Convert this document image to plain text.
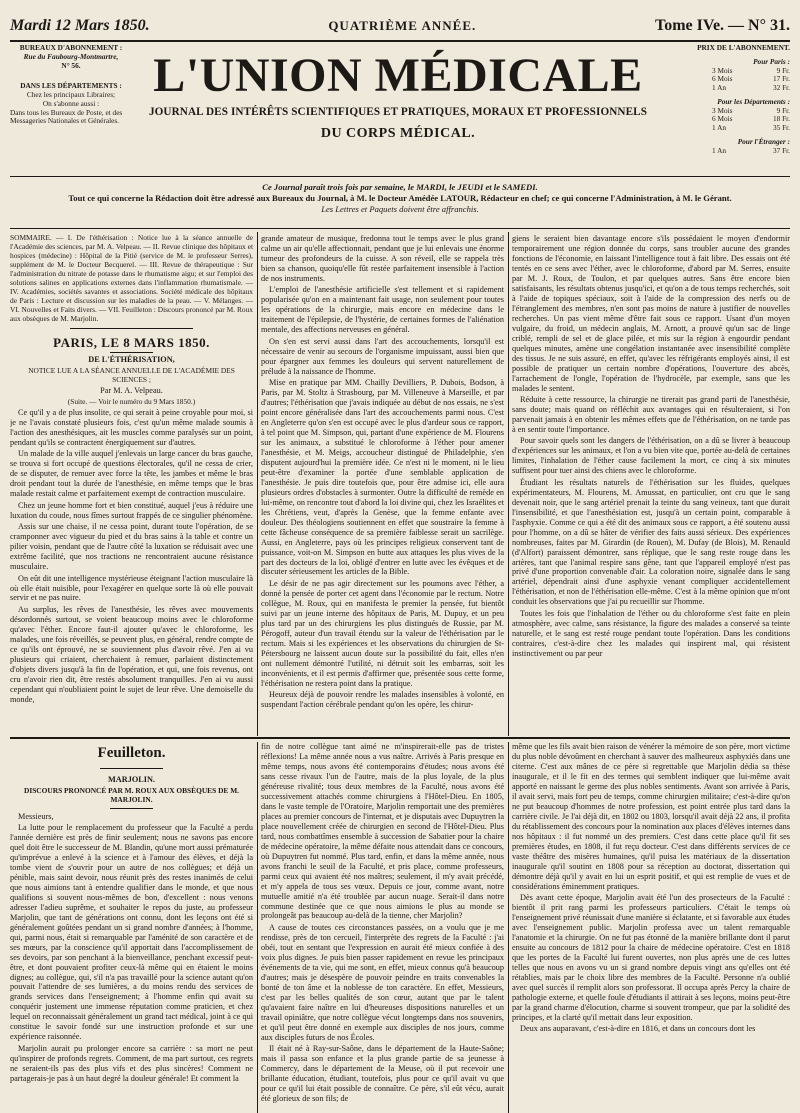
Mardi 12 Mars 1850.	QUATRIÈME ANNÉE.	Tome IVe. — N° 31.
BUREAUX D'ABONNEMENT :
Rue du Faubourg-Montmartre,
N° 56.
DANS LES DÉPARTEMENTS :
Chez les principaux Libraires;
On s'abonne aussi :
Dans tous les Bureaux de Poste, et des Messageries Nationales et Générales.
L'UNION MÉDICALE
JOURNAL DES INTÉRÊTS SCIENTIFIQUES ET PRATIQUES, MORAUX ET PROFESSIONNELS
DU CORPS MÉDICAL.
PRIX DE L'ABONNEMENT.
Pour Paris :
3 Mois	9 Fr.
6 Mois	17 Fr.
1 An	32 Fr.
Pour les Départements :
3 Mois	9 Fr.
6 Mois	18 Fr.
1 An	35 Fr.
Pour l'Étranger :
1 An	37 Fr.
Ce Journal paraît trois fois par semaine, le MARDI, le JEUDI et le SAMEDI.
Tout ce qui concerne la Rédaction doit être adressé aux Bureaux du Journal, à M. le Docteur Amédée LATOUR, Rédacteur en chef; ce qui concerne l'Administration, à M. le Gérant.
Les Lettres et Paquets doivent être affranchis.

SOMMAIRE. — I. De l'éthérisation : Notice lue à la séance annuelle de l'Académie des sciences, par M. A. Velpeau. — II. Revue clinique des hôpitaux et hospices (médecine) : Hôpital de la Pitié (service de M. le professeur Serres), supplément de M. le Docteur Becquerel. — III. Revue de thérapeutique : Sur l'administration du nitrate de potasse dans le rhumatisme aigu; et sur l'emploi des solutions salines en applications externes dans l'inflammation rhumatismale. — IV. Académies, sociétés savantes et associations. Société médicale des hôpitaux de Paris : Lecture et discussion sur les maladies de la peau. — V. Mélanges. — VI. Nouvelles et Faits divers. — VII. Feuilleton : Discours prononcé par M. Roux aux obsèques de M. Marjolin.

PARIS, LE 8 MARS 1850.

DE L'ÉTHÉRISATION,

NOTICE LUE A LA SÉANCE ANNUELLE DE L'ACADÉMIE DES SCIENCES ;

Par M. A. Velpeau.

(Suite. — Voir le numéro du 9 Mars 1850.)

Ce qu'il y a de plus insolite, ce qui serait à peine croyable pour moi, si je ne l'avais constaté plusieurs fois, c'est qu'un même malade soumis à l'action des anesthésiques, ait les muscles comme paralysés sur un point, pendant qu'ils se contractent énergiquement sur d'autres.

Un malade de la ville auquel j'enlevais un large cancer du bras gauche, se trouva si fort occupé de questions électorales, qu'il ne cessa de crier, de se disputer, de remuer avec force la tête, les jambes et même le bras droit pendant tout la durée de l'anesthésie, en même temps que le bras malade restait calme et parfaitement exempt de contraction musculaire.

Chez un jeune homme fort et bien constitué, auquel j'eus à réduire une luxation du coude, nous fîmes surtout frappés de ce singulier phénomène.

Assis sur une chaise, il ne cessa point, durant toute l'opération, de se cramponner avec vigueur du pied et du bras sains à la table et contre un pilier voisin, pendant que de l'autre côté la luxation se réduisait avec une extrême facilité, que nos tractions ne rencontraient aucune résistance musculaire.

On eût dit une intelligence mystérieuse éteignant l'action musculaire là où elle était nuisible, pour l'exagérer en quelque sorte là où elle pouvait servir et ne pas nuire.

Au surplus, les rêves de l'anesthésie, les rêves avec mouvements désordonnés surtout, se voient beaucoup moins avec le chloroforme qu'avec l'éther. Encore faut-il ajouter qu'avec le chloroforme, les malades, une fois réveillés, se peuvent plus, en général, rendre compte de ce qu'ils ont éprouvé, ne se souviennent plus d'avoir rêvé. J'en ai vu plusieurs qui criaient, cherchaient à remuer, parlaient distinctement d'objets divers jusqu'à la fin de l'opération, et qui, une fois revenus, ont cru n'avoir rien dit, être restés absolument tranquilles. J'en ai vu aussi cependant qui n'oubliaient point le sujet de leur rêve. Une demoiselle du monde,

grande amateur de musique, fredonna tout le temps avec le plus grand calme un air qu'elle affectionnait, pendant que je lui enlevais une énorme tumeur des profondeurs de la cuisse. A son réveil, elle se rappela très bien sa chanson, quoiqu'elle fût restée parfaitement insensible à l'action de nos instruments.

L'emploi de l'anesthésie artificielle s'est tellement et si rapidement popularisée qu'on en a maintenant fait usage, non seulement pour toutes les opérations de la chirurgie, mais encore en médecine dans le traitement de l'épilepsie, de l'hystérie, de certaines formes de l'aliénation mentale, des affections nerveuses en général.

On s'en est servi aussi dans l'art des accouchements, lorsqu'il est nécessaire de venir au secours de l'organisme impuissant, aussi bien que pour épargner aux femmes les douleurs qui servent naturellement de prélude à la naissance de l'homme.

Mise en pratique par MM. Chailly Devilliers, P. Dubois, Bodson, à Paris, par M. Stoltz à Strasbourg, par M. Villeneuve à Marseille, et par d'autres; l'éthérisation que j'avais indiquée au début de nos essais, ne s'est point encore généralisée dans l'art des accouchements parmi nous. C'est en Angleterre qu'on s'en est occupé avec le plus d'ardeur sous ce rapport, à tel point que M. Simpson, qui, partant d'une expérience de M. Flourens sur les animaux, a substitué le chloroforme à l'éther pour amener l'anesthésie, et M. Meigs, accoucheur distingué de Philadelphie, s'en disputent aujourd'hui la première idée. Ce n'est ni le moment, ni le lieu peut-être d'examiner la portée d'une semblable application de l'anesthésie. Je puis dire toutefois que, pour être admise ici, elle aura plusieurs ordres d'obstacles à surmonter. Outre la difficulté de remède en lui-même, on rencontre tout d'abord la loi divine qui, chez les Israélites et les Chrétiens, veut, d'après la Genèse, que la femme enfante avec douleur. Des théologiens soutiennent en effet que soustraire la femme à cette fâcheuse conséquence de sa première faiblesse serait un sacrilège. Aussi, en Angleterre, pays où les principes religieux conservent tant de puissance, voit-on M. Simpson en butte aux attaques les plus vives de la part des docteurs de la loi, obligé d'entrer en lutte avec les évêques et de discuter sérieusement les articles de la Bible.

Le désir de ne pas agir directement sur les poumons avec l'éther, a donné la pensée de porter cet agent dans l'économie par le rectum. Notre collègue, M. Roux, qui en manifesta le premier la pensée, fut bientôt suivi par un jeune interne des hôpitaux de Paris, M. Dupuy, et un peu plus tard par un des chirurgiens les plus distingués de Russie, par M. Pérogoff, auteur d'un travail étendu sur la valeur de l'éthérisation par le rectum. Mais si les expériences et les observations du chirurgien de St-Pétersbourg ne laissent aucun doute sur la possibilité du fait, elles n'en ont nullement démontré l'utilité, ni détruit soit les embarras, soit les inconvénients, et il est permis d'affirmer que, présentée sous cette forme, l'éthérisation ne restera point dans la pratique.

Heureux déjà de pouvoir rendre les malades insensibles à volonté, en suspendant l'action cérébrale pendant qu'on les opère, les chirur-

giens le seraient bien davantage encore s'ils possédaient le moyen d'endormir temporairement une région donnée du corps, sans troubler aucune des grandes fonctions de l'économie, en laissant l'intelligence tout à fait libre. Des essais ont été tentés en ce sens avec l'éther, avec le chloroforme, d'abord par M. Serres, ensuite par M. J. Roux, de Toulon, et par quelques autres. Sans être encore bien satisfaisants, les résultats obtenus jusqu'ici, et qu'on a de tous temps recherchés, soit à l'aide de topiques spéciaux, soit à l'aide de la compression des nerfs ou de l'étranglement des membres, n'en sont pas moins de nature à justifier de nouvelles recherches. Un pas vient même d'être fait sous ce rapport. Usant d'un moyen vulgaire, du froid, un médecin anglais, M. Arnott, a prouvé qu'un sac de linge criblé, rempli de sel et de glace pilée, et mis sur la région à engourdir pendant quelques minutes, amène une congélation instantanée avec insensibilité complète des tissus. Je ne suis assuré, en effet, qu'avec les réfrigérants employés ainsi, il est possible de pratiquer un certain nombre d'opérations, l'ouverture des abcès, l'arrachement de l'ongle, l'opération de l'hydrocèle, par exemple, sans que les malades le sentent.

Réduite à cette ressource, la chirurgie ne tirerait pas grand parti de l'anesthésie, sans doute; mais quand on réfléchit aux avantages qui en résulteraient, si l'on parvenait jamais à en obtenir les mêmes effets que de l'éthérisation, on ne tarde pas à en sentir toute l'importance.

Pour savoir quels sont les dangers de l'éthérisation, on a dû se livrer à beaucoup d'expériences sur les animaux, et l'on a vu bien vite que, portée au-delà de certaines limites, l'inhalation de l'éther cause facilement la mort, ce cinq à six minutes suffisent pour tuer ainsi des chiens avec le chloroforme.

Étudiant les résultats naturels de l'éthérisation sur les fluides, quelques expérimentateurs, M. Flourens, M. Amussat, en particulier, ont cru que le sang devenait noir, que le sang artériel prenait la teinte du sang veineux, tant que durait l'insensibilité, et que l'anesthésiation est, jusqu'à un certain point, comparable à l'asphyxie. Comme ce qui a été dit des animaux sous ce rapport, a été soutenu aussi pour l'homme, on a dû se hâter de vérifier des faits aussi sérieux. Des expériences nombreuses, faites par M. Girardin (de Rouen), M. Dufay (de Blois), M. Renauld (d'Alfort) paraissent démontrer, sans réplique, que le sang reste rouge dans les artères, tant que l'animal respire sans gêne, tant que l'appareil employé n'est pas privé d'une proportion convenable d'air. La coloration noire, signalée dans le sang artériel, dépendrait ainsi d'une asphyxie venant compliquer accidentellement l'éthérisation, et non de l'éthérisation elle-même. C'est à la même opinion que m'ont conduit les observations que j'ai pu recueillir sur l'homme.

Toutes les fois que l'inhalation de l'éther ou du chloroforme s'est faite en plein atmosphère, avec calme, sans résistance, la figure des malades a conservé sa teinte naturelle, et le sang est resté rouge pendant toute l'opération. Dans les conditions contraires, c'est-à-dire chez les malades qui inspirent mal, qui résistent instinctivement ou par peur

Feuilleton.

MARJOLIN.

DISCOURS PRONONCÉ PAR M. ROUX AUX OBSÈQUES DE M. MARJOLIN.

Messieurs,

La lutte pour le remplacement du professeur que la Faculté a perdu l'année dernière est près de finir seulement; nous ne savons pas encore quel doit être le successeur de M. Blandin, qu'une mort aussi prématurée qu'imprévue a enlevé à la science et à l'amour des élèves, et déjà la tombe vient de s'ouvrir pour un autre de nos collègues; et déjà un pénible, mais saint devoir, nous réunit près des restes inanimés de celui que nous aimions tant à entendre qualifier dans le monde, et que nous qualifions si souvent nous-mêmes de bon, d'excellent : nous venons adresser l'adieu suprême, et souhaiter le repos du juste, au professeur Marjolin, que tant de générations ont connu, dont les leçons ont été si généralement goûtées pendant un si grand nombre d'années; à l'homme, qui, parmi nous, était si remarquable par l'aménité de son caractère et de ses mœurs, par la conscience qu'il apportait dans l'accomplissement de ses devoirs, par son penchant à la bienveillance, penchant excessif peut-être, et dont pouvaient profiter ceux-là même qui en étaient le moins dignes; au collègue, qui, s'il n'a pas travaillé pour la science autant qu'on pouvait l'attendre de ses lumières, a du moins rendu des services de grands services dans l'enseignement; à l'homme enfin qui avait su conquérir justement une immense réputation comme praticien, et chez lequel on reconnaissait généralement un grand tact médical, joint à ce qui constitue le savoir fondé sur une instruction profonde et sur une expérience raisonnée.

Marjolin aurait pu prolonger encore sa carrière : sa mort ne peut qu'inspirer de profonds regrets. Comment, de ma part surtout, ces regrets ne seraient-ils pas des plus vifs et des plus sincères! Comment ne partagerais-je pas à un haut degré la douleur générale! Et comment la

fin de notre collègue tant aimé ne m'inspirerait-elle pas de tristes réflexions! La même année nous a vus naître. Arrivés à Paris presque en même temps, nous avons été contemporains d'études; nous avons été sans cesse rivaux l'un de l'autre, mais de la plus loyale, de la plus généreuse rivalité; tous deux membres de la Faculté, nous avons été successivement attachés comme chirurgiens à l'Hôtel-Dieu. En 1805, dans le vaste temple de l'Oratoire, Marjolin remportait une des premières places au premier concours de l'internat, et je disputais avec Dupuytren la place nouvellement créée de chirurgien en second de l'Hôtel-Dieu. Plus tard, nous combattîmes ensemble à succession de Sabatier pour la chaire de médecine opératoire, la même défaite nous attendait dans ce concours, où Dupuytren fut nommé. Plus tard, enfin, et dans la même année, nous avons franchi le seuil de la Faculté, et pris place, comme professeurs, parmi ceux qui avaient été nos maîtres; seulement, il m'y avait précédé, et m'y appela de tous ses vœux. Depuis ce jour, comme avant, notre mutuelle amitié n'a été troublée par aucun nuage. Serait-il dans notre commune destinée que ce que nous aimions le plus au monde se prolongeât pas beaucoup au-delà de la tienne, cher Marjolin?

A cause de toutes ces circonstances passées, on a voulu que je me rendisse, près de ton cercueil, l'interprète des regrets de la Faculté : j'ai obéi, tout en sentant que l'expression en aurait été mieux confiée à des voix plus dignes. Je puis bien passer rapidement en revue les principaux événements de ta vie, qui me sont, en effet, mieux connus qu'à beaucoup d'autres; mais je désespère de pouvoir peindre en traits convenables la bonté de ton âme et la noblesse de ton caractère. En effet, Messieurs, c'est par les belles qualités de son cœur, autant que par le talent qu'avaient faire naître en lui d'heureuses dispositions naturelles et un travail opiniâtre, que notre collègue vécut longtemps dans nos souvenirs, et qu'il peut être donné en exemple aux disciples de nos jours, comme aux disciples futurs de nos Écoles.

Il était né à Ray-sur-Saône, dans le département de la Haute-Saône; mais il passa son enfance et la plus grande partie de sa jeunesse à Commercy, dans le département de la Meuse, où il put recevoir une brillante éducation, étudiant, toutefois, plus pour ce qu'il avait vu que pour ce qu'il lui était possible de connaître. Ce père, s'il eût vécu, aurait été glorieux de son fils; de

même que les fils avait bien raison de vénérer la mémoire de son père, mort victime du plus noble dévoûment en cherchant à sauver des malheureux asphyxiés dans une citerne. C'est aux mânes de ce père si regrettable que Marjolin dédia sa thèse inaugurale, et il le fit en des termes qui semblent indiquer que lui-même avait apporté en naissant le germe des plus nobles sentiments. Avant son arrivée à Paris, il avait servi, mais fort peu de temps, comme chirurgien militaire; c'est-à-dire qu'on ne put beaucoup d'hommes de notre profession, est point entrée plus tard dans la carrière civile. Je l'ai déjà dit, en 1802 ou 1803, lorsqu'il avait déjà 22 ans, il profita du rétablissement des concours pour la nomination aux places d'élèves internes dans nos hôpitaux : il fut nommé un des premiers. C'est dans cette place qu'il fit ses premières études, en 1808, il fut reçu docteur. C'est dans différents services de ce vaste théâtre des misères humaines, qu'il puisa les matériaux de la dissertation inaugurale qu'il soutint en 1808 pour sa réception au doctorat, dissertation qui démontre déjà qu'il y avait en lui un esprit positif, et qui est remplie de vues et de considérations éminemment pratiques.

Dès avant cette époque, Marjolin avait été l'un des prosecteurs de la Faculté : bientôt il prit rang parmi les professeurs particuliers. C'était le temps où l'enseignement privé réunissait d'une manière si éclatante, et si favorable aux études avec l'enseignement public. Marjolin professa avec un talent remarquable l'anatomie et la chirurgie. On ne fut pas étonné de la manière brillante dont il parut ensuite au concours de 1812 pour la chaire de médecine opératoire. C'est en 1818 que les portes de la Faculté lui furent ouvertes, non plus après une de ces luttes telles que nous en avons vu un si grand nombre depuis vingt ans qu'elles ont été rétablies, mais par le choix libre des membres de la Faculté. Personne n'a oublié avec quel succès il remplit alors son professorat. Il occupa après Percy la chaire de pathologie externe, et quelle foule d'étudiants il attirait à ses leçons, moins peut-être par la grand charme d'élocution, charme si souvent trompeur, que par la solidité des principes, et la clarté qu'il mettait dans leur exposition.

Deux ans auparavant, c'est-à-dire en 1816, et dans un concours dont les
